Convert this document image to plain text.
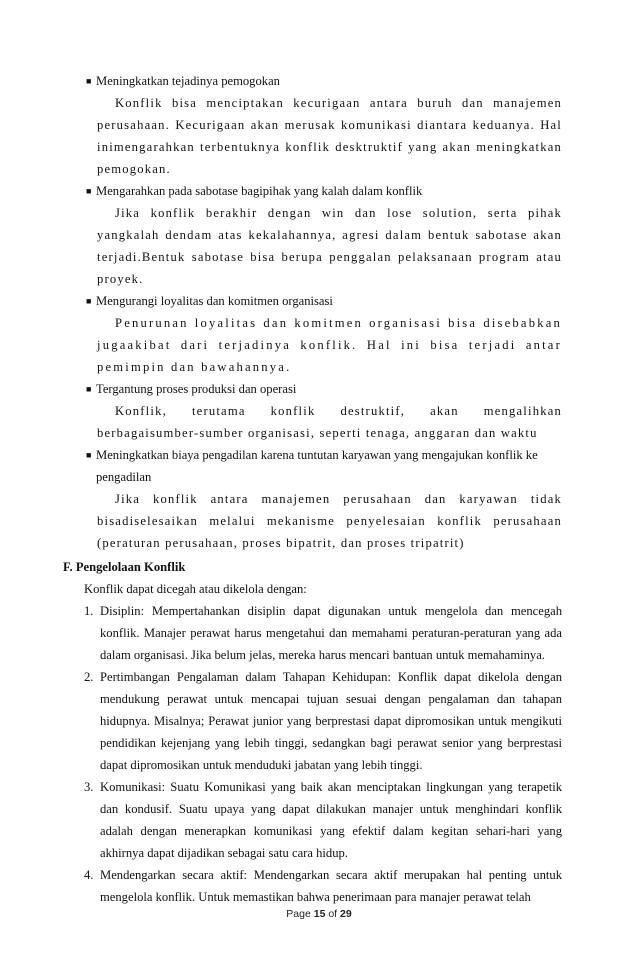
■ Meningkatkan tejadinya pemogokan
Konflik bisa menciptakan kecurigaan antara buruh dan manajemen perusahaan. Kecurigaan akan merusak komunikasi diantara keduanya. Hal inimengarahkan terbentuknya konflik desktruktif yang akan meningkatkan pemogokan.
■ Mengarahkan pada sabotase bagipihak yang kalah dalam konflik
Jika konflik berakhir dengan win dan lose solution, serta pihak yangkalah dendam atas kekalahannya, agresi dalam bentuk sabotase akan terjadi.Bentuk sabotase bisa berupa penggalan pelaksanaan program atau proyek.
■ Mengurangi loyalitas dan komitmen organisasi
Penurunan loyalitas dan komitmen organisasi bisa disebabkan jugaakibat dari terjadinya konflik. Hal ini bisa terjadi antar pemimpin dan bawahannya.
■ Tergantung proses produksi dan operasi
Konflik, terutama konflik destruktif, akan mengalihkan berbagaisumber-sumber organisasi, seperti tenaga, anggaran dan waktu
■ Meningkatkan biaya pengadilan karena tuntutan karyawan yang mengajukan konflik ke pengadilan
Jika konflik antara manajemen perusahaan dan karyawan tidak bisadiselesaikan melalui mekanisme penyelesaian konflik perusahaan (peraturan perusahaan, proses bipatrit, dan proses tripatrit)
F. Pengelolaan Konflik
Konflik dapat dicegah atau dikelola dengan:
1. Disiplin: Mempertahankan disiplin dapat digunakan untuk mengelola dan mencegah konflik. Manajer perawat harus mengetahui dan memahami peraturan-peraturan yang ada dalam organisasi. Jika belum jelas, mereka harus mencari bantuan untuk memahaminya.
2. Pertimbangan Pengalaman dalam Tahapan Kehidupan: Konflik dapat dikelola dengan mendukung perawat untuk mencapai tujuan sesuai dengan pengalaman dan tahapan hidupnya. Misalnya; Perawat junior yang berprestasi dapat dipromosikan untuk mengikuti pendidikan kejenjang yang lebih tinggi, sedangkan bagi perawat senior yang berprestasi dapat dipromosikan untuk menduduki jabatan yang lebih tinggi.
3. Komunikasi: Suatu Komunikasi yang baik akan menciptakan lingkungan yang terapetik dan kondusif. Suatu upaya yang dapat dilakukan manajer untuk menghindari konflik adalah dengan menerapkan komunikasi yang efektif dalam kegitan sehari-hari yang akhirnya dapat dijadikan sebagai satu cara hidup.
4. Mendengarkan secara aktif: Mendengarkan secara aktif merupakan hal penting untuk mengelola konflik. Untuk memastikan bahwa penerimaan para manajer perawat telah
Page 15 of 29
